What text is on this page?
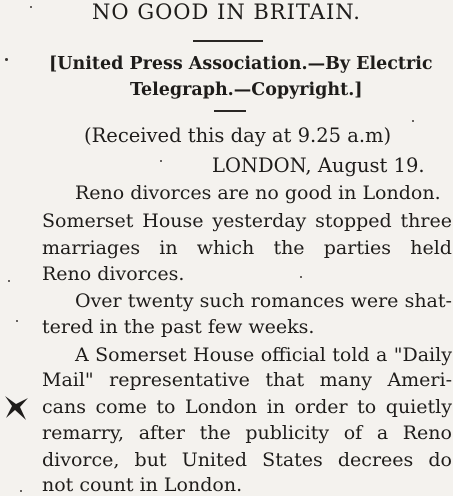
NO GOOD IN BRITAIN.
[United Press Association.—By Electric
Telegraph.—Copyright.]
(Received this day at 9.25 a.m)
LONDON, August 19.
Reno divorces are no good in London.
Somerset House yesterday stopped three
marriages in which the parties held
Reno divorces.
Over twenty such romances were shat-
tered in the past few weeks.
A Somerset House official told a "Daily
Mail" representative that many Ameri-
cans come to London in order to quietly
remarry, after the publicity of a Reno
divorce, but United States decrees do
not count in London.
